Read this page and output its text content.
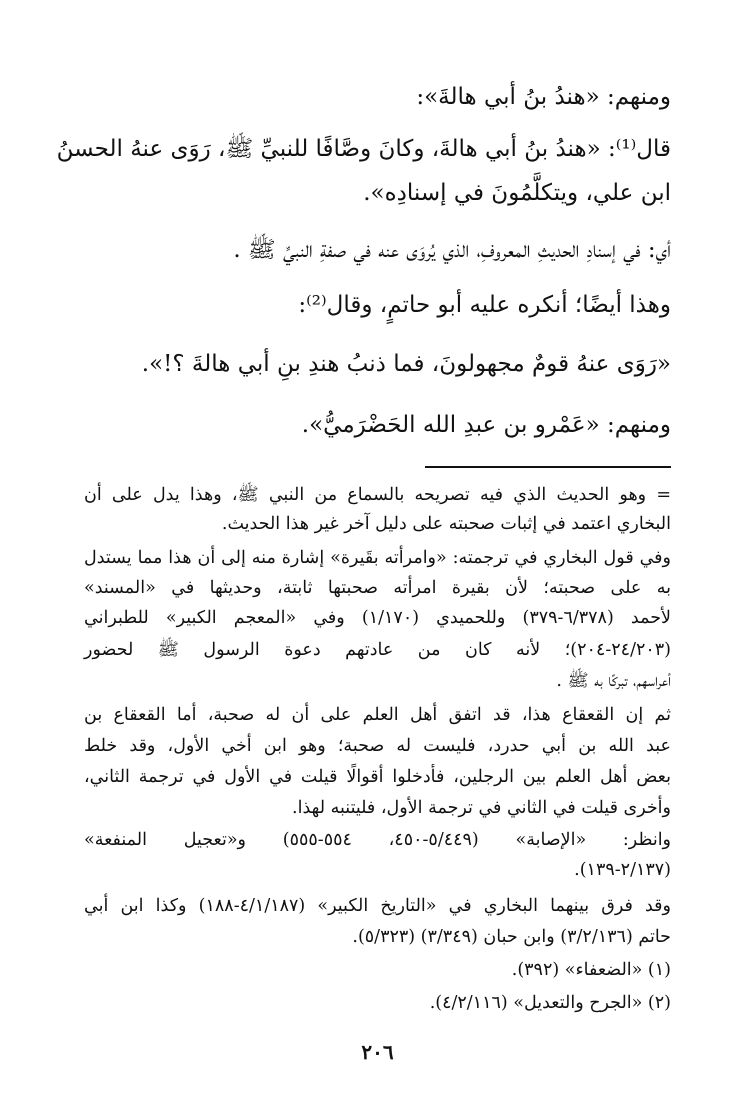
ومنهم: «هندُ بنُ أبي هالةَ»:
قال⁽¹⁾: «هندُ بنُ أبي هالةَ، وكانَ وصَّافًا للنبيِّ ﷺ، رَوَى عنهُ الحسنُ
ابن علي، ويتكلَّمُونَ في إسنادِه».
أي: في إسنادِ الحديثِ المعروفِ، الذي يُروَى عنه في صفةِ النبيِّ ﷺ .
وهذا أيضًا؛ أنكره عليه أبو حاتمٍ، وقال⁽²⁾:
«رَوَى عنهُ قومٌ مجهولونَ، فما ذنبُ هندِ بنِ أبي هالةَ ؟!».
ومنهم: «عَمْرو بن عبدِ الله الحَضْرَميُّ».
= وهو الحديث الذي فيه تصريحه بالسماع من النبي ﷺ، وهذا يدل على أن
البخاري اعتمد في إثبات صحبته على دليل آخر غير هذا الحديث.
وفي قول البخاري في ترجمته: «وامرأته بقَيرة» إشارة منه إلى أن هذا مما يستدل
به على صحبته؛ لأن بقيرة امرأته صحبتها ثابتة، وحديثها في «المسند»
لأحمد (٦/٣٧٨-٣٧٩) وللحميدي (١/١٧٠) وفي «المعجم الكبير» للطبراني
(٢٤/٢٠٣-٢٠٤)؛ لأنه كان من عادتهم دعوة الرسول ﷺ لحضور
أعراسهم، تبركًا به ﷺ .
ثم إن القعقاع هذا، قد اتفق أهل العلم على أن له صحبة، أما القعقاع بن
عبد الله بن أبي حدرد، فليست له صحبة؛ وهو ابن أخي الأول، وقد خلط
بعض أهل العلم بين الرجلين، فأدخلوا أقوالًا قيلت في الأول في ترجمة الثاني،
وأخرى قيلت في الثاني في ترجمة الأول، فليتنبه لهذا.
وانظر: «الإصابة» (٥/٤٤٩-٤٥٠، ٥٥٤-٥٥٥) و«تعجيل المنفعة»
(٢/١٣٧-١٣٩).
وقد فرق بينهما البخاري في «التاريخ الكبير» (٤/١/١٨٧-١٨٨) وكذا ابن أبي
حاتم (٣/٢/١٣٦) وابن حبان (٣/٣٤٩) (٥/٣٢٣).
(١) «الضعفاء» (٣٩٢).
(٢) «الجرح والتعديل» (٤/٢/١١٦).
٢٠٦
